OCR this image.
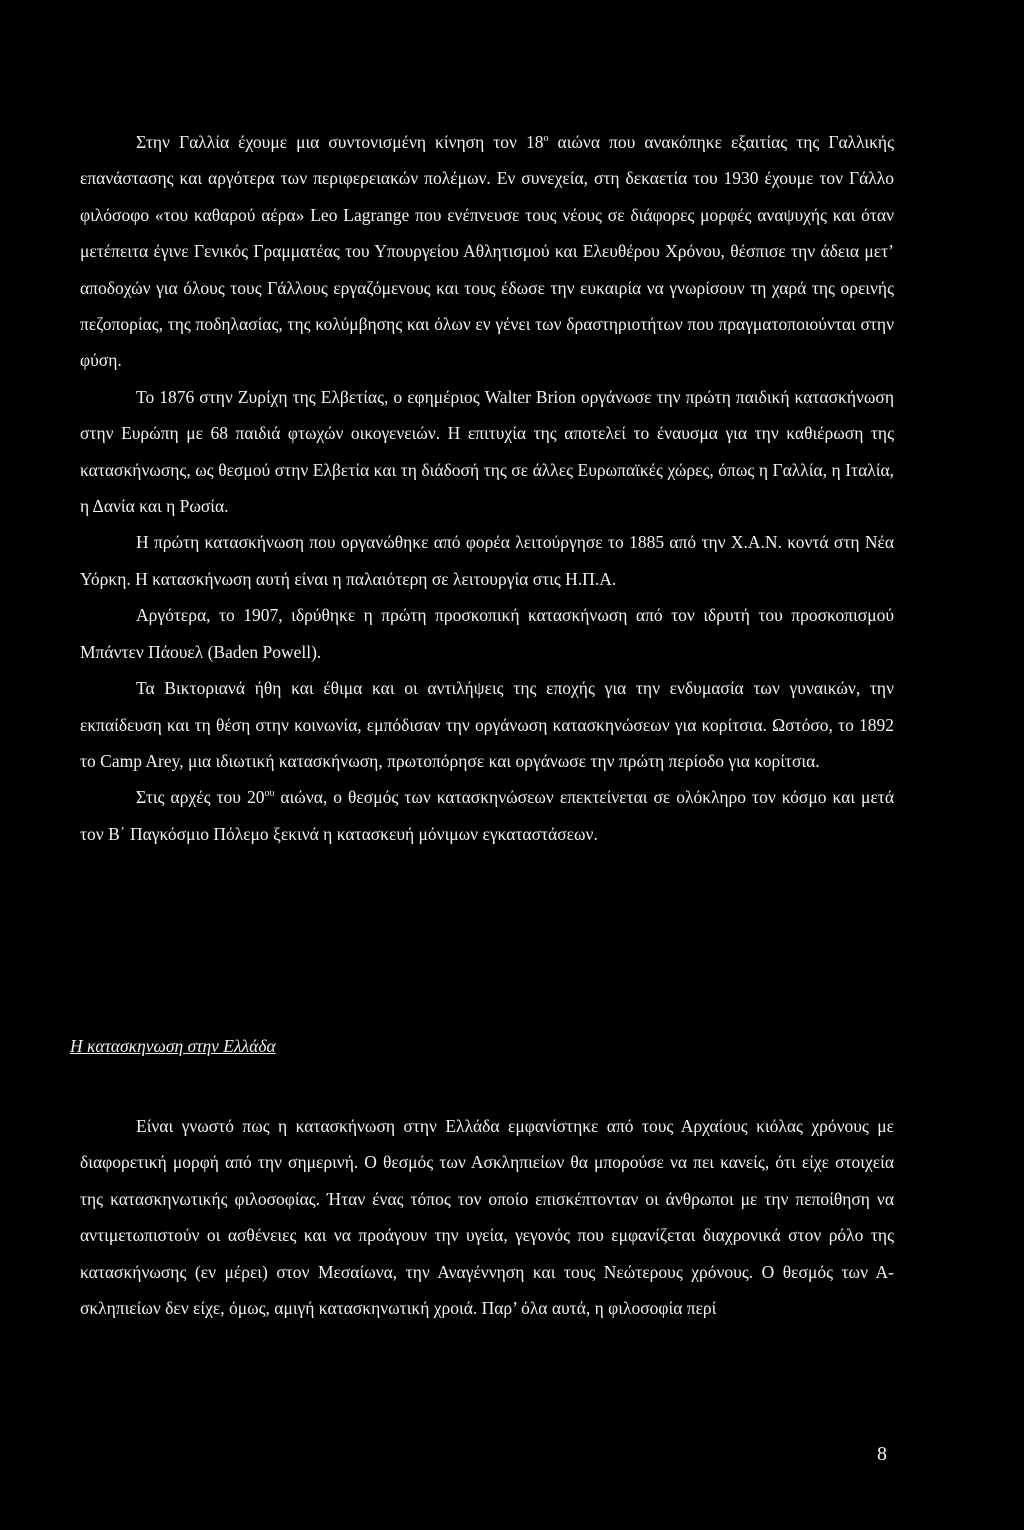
Στην Γαλλία έχουμε μια συντονισμένη κίνηση τον $18^o$ αιώνα που ανακόπηκε εξαιτίας της Γαλλικής επανάστασης και αργότερα των περιφερειακών πολέμων. Εν συνεχεία, στη δεκαετία του 1930 έχουμε τον Γάλλο φιλόσοφο «του καθαρού αέρα» Leo Lagrange που ενέπνευσε τους νέους σε διάφορες μορφές αναψυχής και όταν μετέπειτα έγινε Γενικός Γραμματέας του Υπουργείου Αθλητισμού και Ελευθέρου Χρόνου, θέσπισε την άδεια μετ’ αποδοχών για όλους τους Γάλλους εργαζόμενους και τους έδωσε την ευκαιρία να γνωρίσουν τη χαρά της ορεινής πεζοπορίας, της ποδηλασίας, της κολύμβησης και όλων εν γένει των δραστηριοτήτων που πραγματοποιούνται στην φύση.

Το 1876 στην Ζυρίχη της Ελβετίας, ο εφημέριος Walter Brion οργάνωσε την πρώτη παιδική κατασκήνωση στην Ευρώπη με 68 παιδιά φτωχών οικογενειών. Η επιτυχία της αποτελεί το έναυσμα για την καθιέρωση της κατασκήνωσης, ως θεσμού στην Ελβετία και τη διάδοσή της σε άλλες Ευρωπαϊκές χώρες, όπως η Γαλλία, η Ιταλία, η Δανία και η Ρωσία.

Η πρώτη κατασκήνωση που οργανώθηκε από φορέα λειτούργησε το 1885 από την Χ.Α.Ν. κοντά στη Νέα Υόρκη. Η κατασκήνωση αυτή είναι η παλαιότερη σε λειτουργία στις Η.Π.Α.

Αργότερα, το 1907, ιδρύθηκε η πρώτη προσκοπική κατασκήνωση από τον ιδρυτή του προσκοπισμού Μπάντεν Πάουελ (Baden Powell).

Τα Βικτοριανά ήθη και έθιμα και οι αντιλήψεις της εποχής για την ενδυμασία των γυναικών, την εκπαίδευση και τη θέση στην κοινωνία, εμπόδισαν την οργάνωση κατασκηνώσεων για κορίτσια. Ωστόσο, το 1892 το Camp Arey, μια ιδιωτική κατασκήνωση, πρωτοπόρησε και οργάνωσε την πρώτη περίοδο για κορίτσια.

Στις αρχές του $20^{o\upsilon}$ αιώνα, ο θεσμός των κατασκηνώσεων επεκτείνεται σε ολόκληρο τον κόσμο και μετά τον Β΄ Παγκόσμιο Πόλεμο ξεκινά η κατασκευή μόνιμων εγκαταστάσεων.

Η κατασκηνωση στην Ελλάδα

Είναι γνωστό πως η κατασκήνωση στην Ελλάδα εμφανίστηκε από τους Αρχαίους κιόλας χρόνους με διαφορετική μορφή από την σημερινή. Ο θεσμός των Ασκληπιείων θα μπορούσε να πει κανείς, ότι είχε στοιχεία της κατασκηνωτικής φιλοσοφίας. Ήταν ένας τόπος τον οποίο επισκέπτονταν οι άνθρωποι με την πεποίθηση να αντιμετωπιστούν οι ασθένειες και να προάγουν την υγεία, γεγονός που εμφανίζεται διαχρονικά στον ρόλο της κατασκήνωσης (εν μέρει) στον Μεσαίωνα, την Αναγέννηση και τους Νεώτερους χρόνους. Ο θεσμός των Α-σκληπιείων δεν είχε, όμως, αμιγή κατασκηνωτική χροιά. Παρ’ όλα αυτά, η φιλοσοφία περί

8
